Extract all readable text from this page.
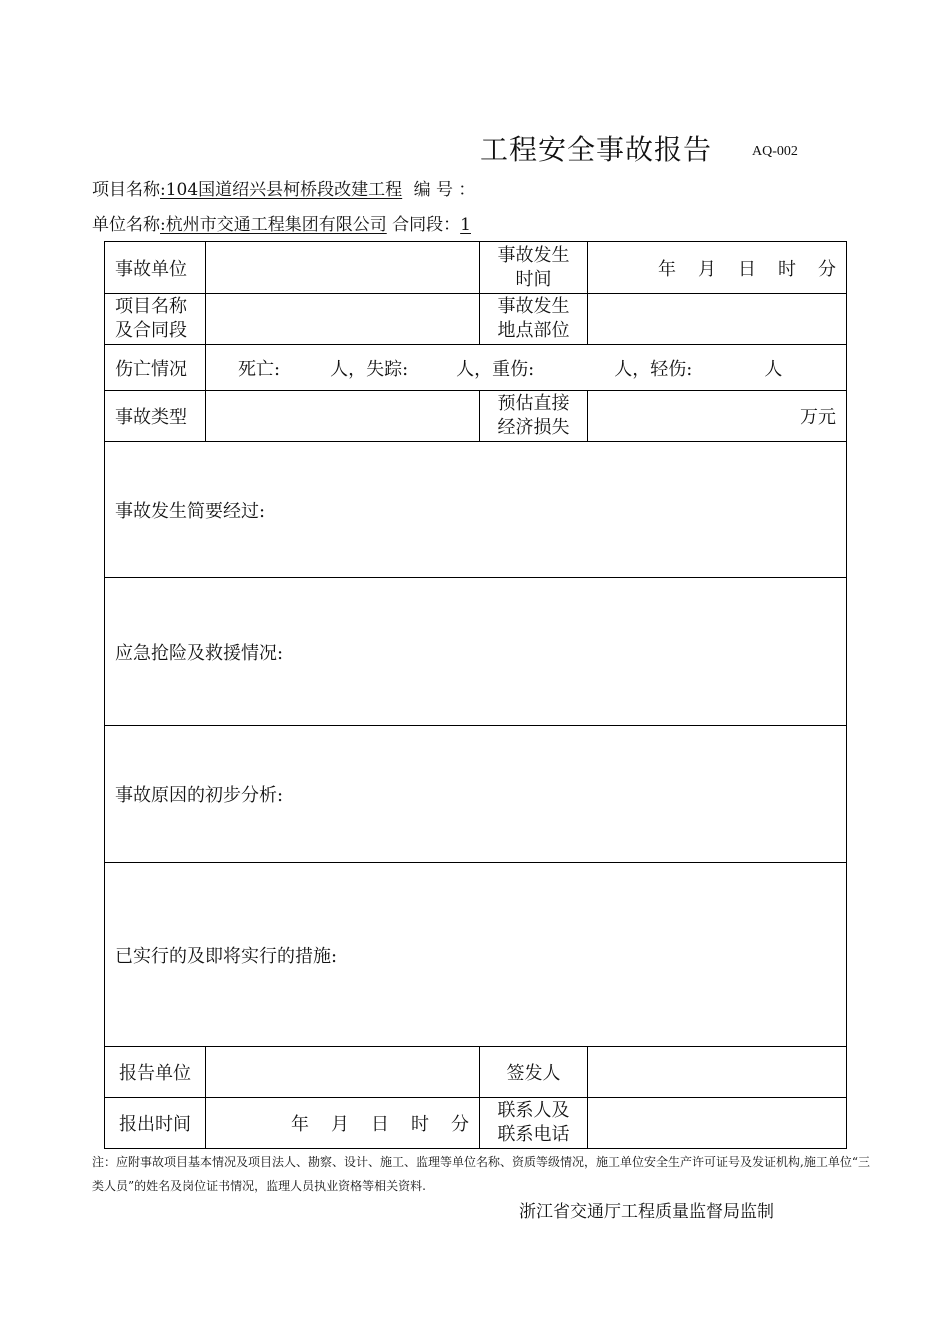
工程安全事故报告	AQ-002
项目名称:104国道绍兴县柯桥段改建工程 编 号 ：
单位名称:杭州市交通工程集团有限公司 合同段：1
事故单位		事故发生时间	年 月 日 时 分
项目名称及合同段		事故发生地点部位	
伤亡情况	死亡: 人，失踪: 人，重伤: 人，轻伤: 人		
事故类型		预估直接经济损失	万元
事故发生简要经过:			
应急抢险及救援情况:			
事故原因的初步分析:			
已实行的及即将实行的措施:			
报告单位		签发人	
报出时间	年 月 日 时 分	联系人及联系电话	
注：应附事故项目基本情况及项目法人、勘察、设计、施工、监理等单位名称、资质等级情况，施工单位安全生产许可证号及发证机构,施工单位“三类人员”的姓名及岗位证书情况，监理人员执业资格等相关资料.
浙江省交通厅工程质量监督局监制
